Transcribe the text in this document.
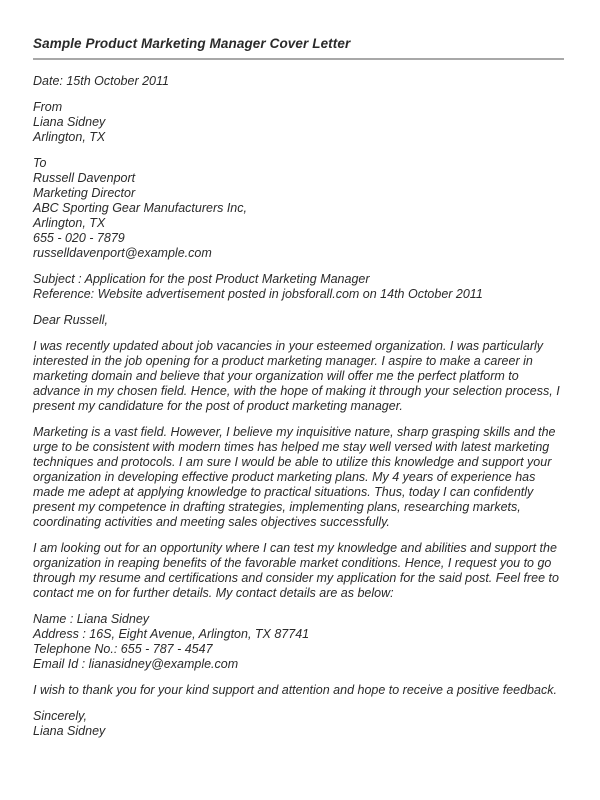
Sample Product Marketing Manager Cover Letter
Date: 15th October 2011
From
Liana Sidney
Arlington, TX
To
Russell Davenport
Marketing Director
ABC Sporting Gear Manufacturers Inc,
Arlington, TX
655 - 020 - 7879
russelldavenport@example.com
Subject : Application for the post Product Marketing Manager
Reference: Website advertisement posted in jobsforall.com on 14th October 2011
Dear Russell,

I was recently updated about job vacancies in your esteemed organization. I was particularly interested in the job opening for a product marketing manager. I aspire to make a career in marketing domain and believe that your organization will offer me the perfect platform to advance in my chosen field. Hence, with the hope of making it through your selection process, I present my candidature for the post of product marketing manager.

Marketing is a vast field. However, I believe my inquisitive nature, sharp grasping skills and the urge to be consistent with modern times has helped me stay well versed with latest marketing techniques and protocols. I am sure I would be able to utilize this knowledge and support your organization in developing effective product marketing plans. My 4 years of experience has made me adept at applying knowledge to practical situations. Thus, today I can confidently present my competence in drafting strategies, implementing plans, researching markets, coordinating activities and meeting sales objectives successfully.

I am looking out for an opportunity where I can test my knowledge and abilities and support the organization in reaping benefits of the favorable market conditions. Hence, I request you to go through my resume and certifications and consider my application for the said post. Feel free to contact me on for further details. My contact details are as below:

Name : Liana Sidney
Address : 16S, Eight Avenue, Arlington, TX 87741
Telephone No.: 655 - 787 - 4547
Email Id : lianasidney@example.com
I wish to thank you for your kind support and attention and hope to receive a positive feedback.
Sincerely,
Liana Sidney
